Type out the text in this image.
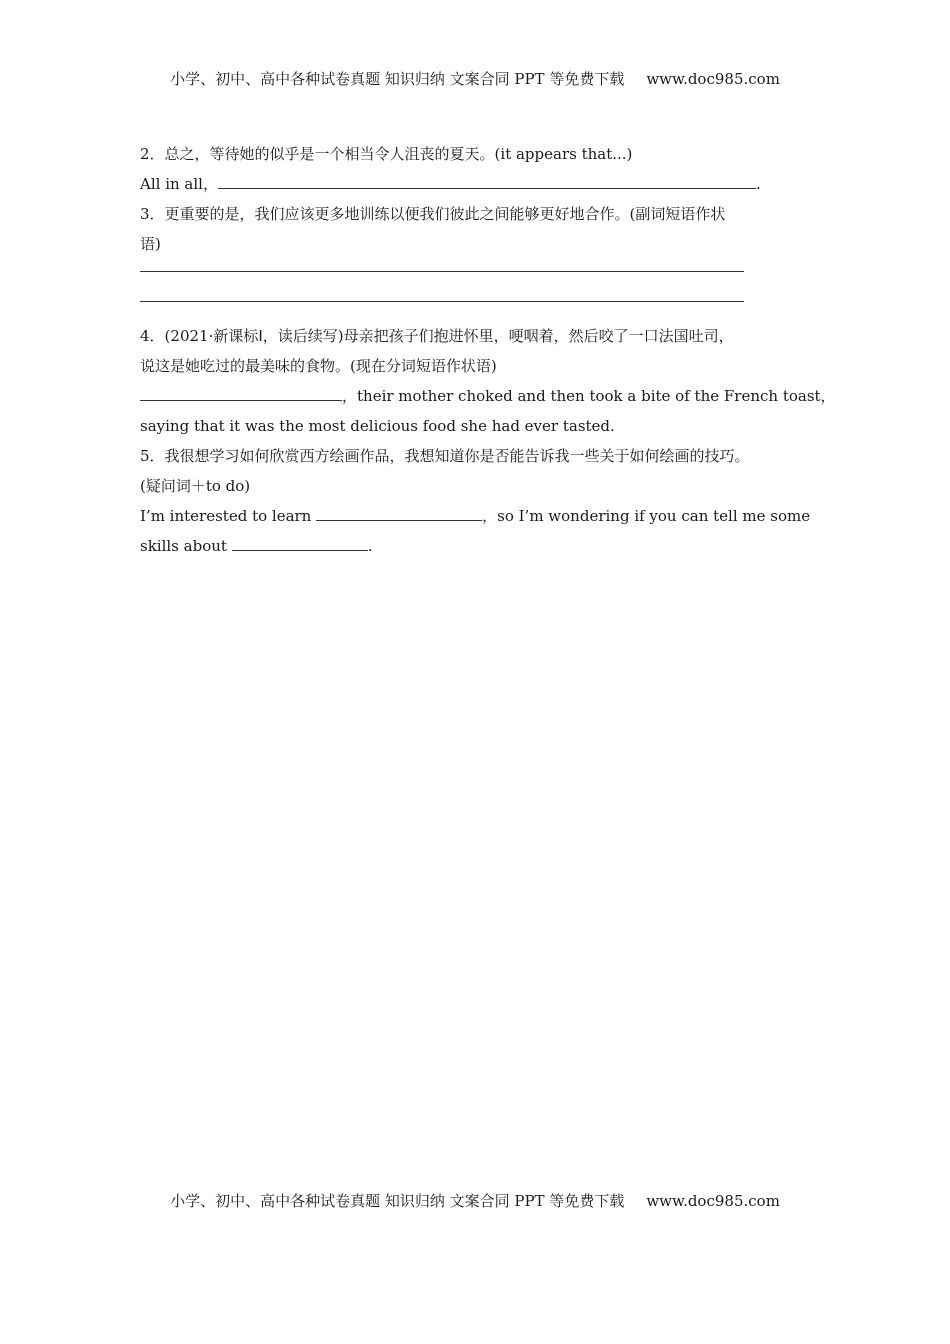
小学、初中、高中各种试卷真题 知识归纳 文案合同 PPT 等免费下载 www.doc985.com
2．总之，等待她的似乎是一个相当令人沮丧的夏天。(it appears that...)
All in all，	.
3．更重要的是，我们应该更多地训练以便我们彼此之间能够更好地合作。(副词短语作状
语)
4．(2021·新课标Ⅰ，读后续写)母亲把孩子们抱进怀里，哽咽着，然后咬了一口法国吐司，
说这是她吃过的最美味的食物。(现在分词短语作状语)
，their mother choked and then took a bite of the French toast，
saying that it was the most delicious food she had ever tasted.
5．我很想学习如何欣赏西方绘画作品，我想知道你是否能告诉我一些关于如何绘画的技巧。
(疑问词＋to do)
I’m interested to learn	，so I’m wondering if you can tell me some
skills about	.
小学、初中、高中各种试卷真题 知识归纳 文案合同 PPT 等免费下载 www.doc985.com
